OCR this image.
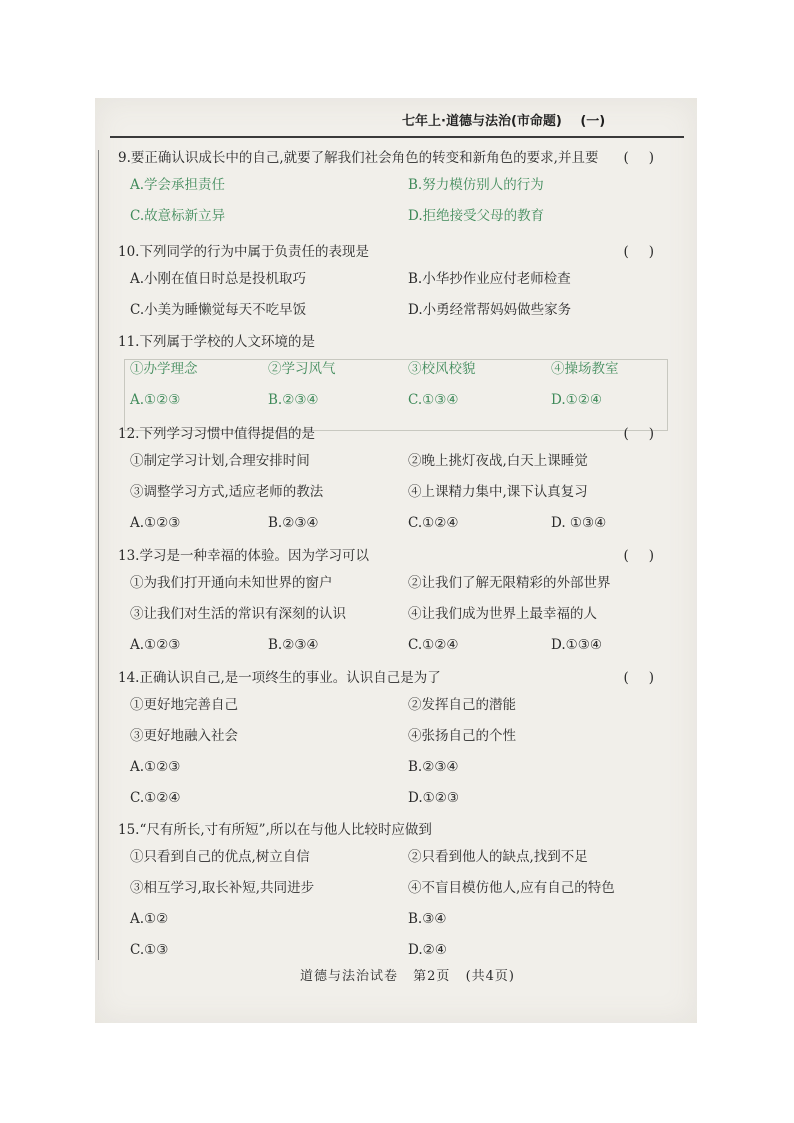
七年上·道德与法治(市命题) (一)
9.要正确认识成长中的自己,就要了解我们社会角色的转变和新角色的要求,并且要	()
A.学会承担责任	B.努力模仿别人的行为
C.故意标新立异	D.拒绝接受父母的教育
10.下列同学的行为中属于负责任的表现是	()
A.小刚在值日时总是投机取巧	B.小华抄作业应付老师检查
C.小美为睡懒觉每天不吃早饭	D.小勇经常帮妈妈做些家务
11.下列属于学校的人文环境的是
①办学理念	②学习风气	③校风校貌	④操场教室
A.①②③	B.②③④	C.①③④	D.①②④
12.下列学习习惯中值得提倡的是	()
①制定学习计划,合理安排时间	②晚上挑灯夜战,白天上课睡觉
③调整学习方式,适应老师的教法	④上课精力集中,课下认真复习
A.①②③	B.②③④	C.①②④	D. ①③④
13.学习是一种幸福的体验。因为学习可以	()
①为我们打开通向未知世界的窗户	②让我们了解无限精彩的外部世界
③让我们对生活的常识有深刻的认识	④让我们成为世界上最幸福的人
A.①②③	B.②③④	C.①②④	D.①③④
14.正确认识自己,是一项终生的事业。认识自己是为了	()
①更好地完善自己	②发挥自己的潜能
③更好地融入社会	④张扬自己的个性
A.①②③	B.②③④
C.①②④	D.①②③
15.“尺有所长,寸有所短”,所以在与他人比较时应做到
①只看到自己的优点,树立自信	②只看到他人的缺点,找到不足
③相互学习,取长补短,共同进步	④不盲目模仿他人,应有自己的特色
A.①②	B.③④
C.①③	D.②④
道德与法治试卷 第2页 (共4页)
